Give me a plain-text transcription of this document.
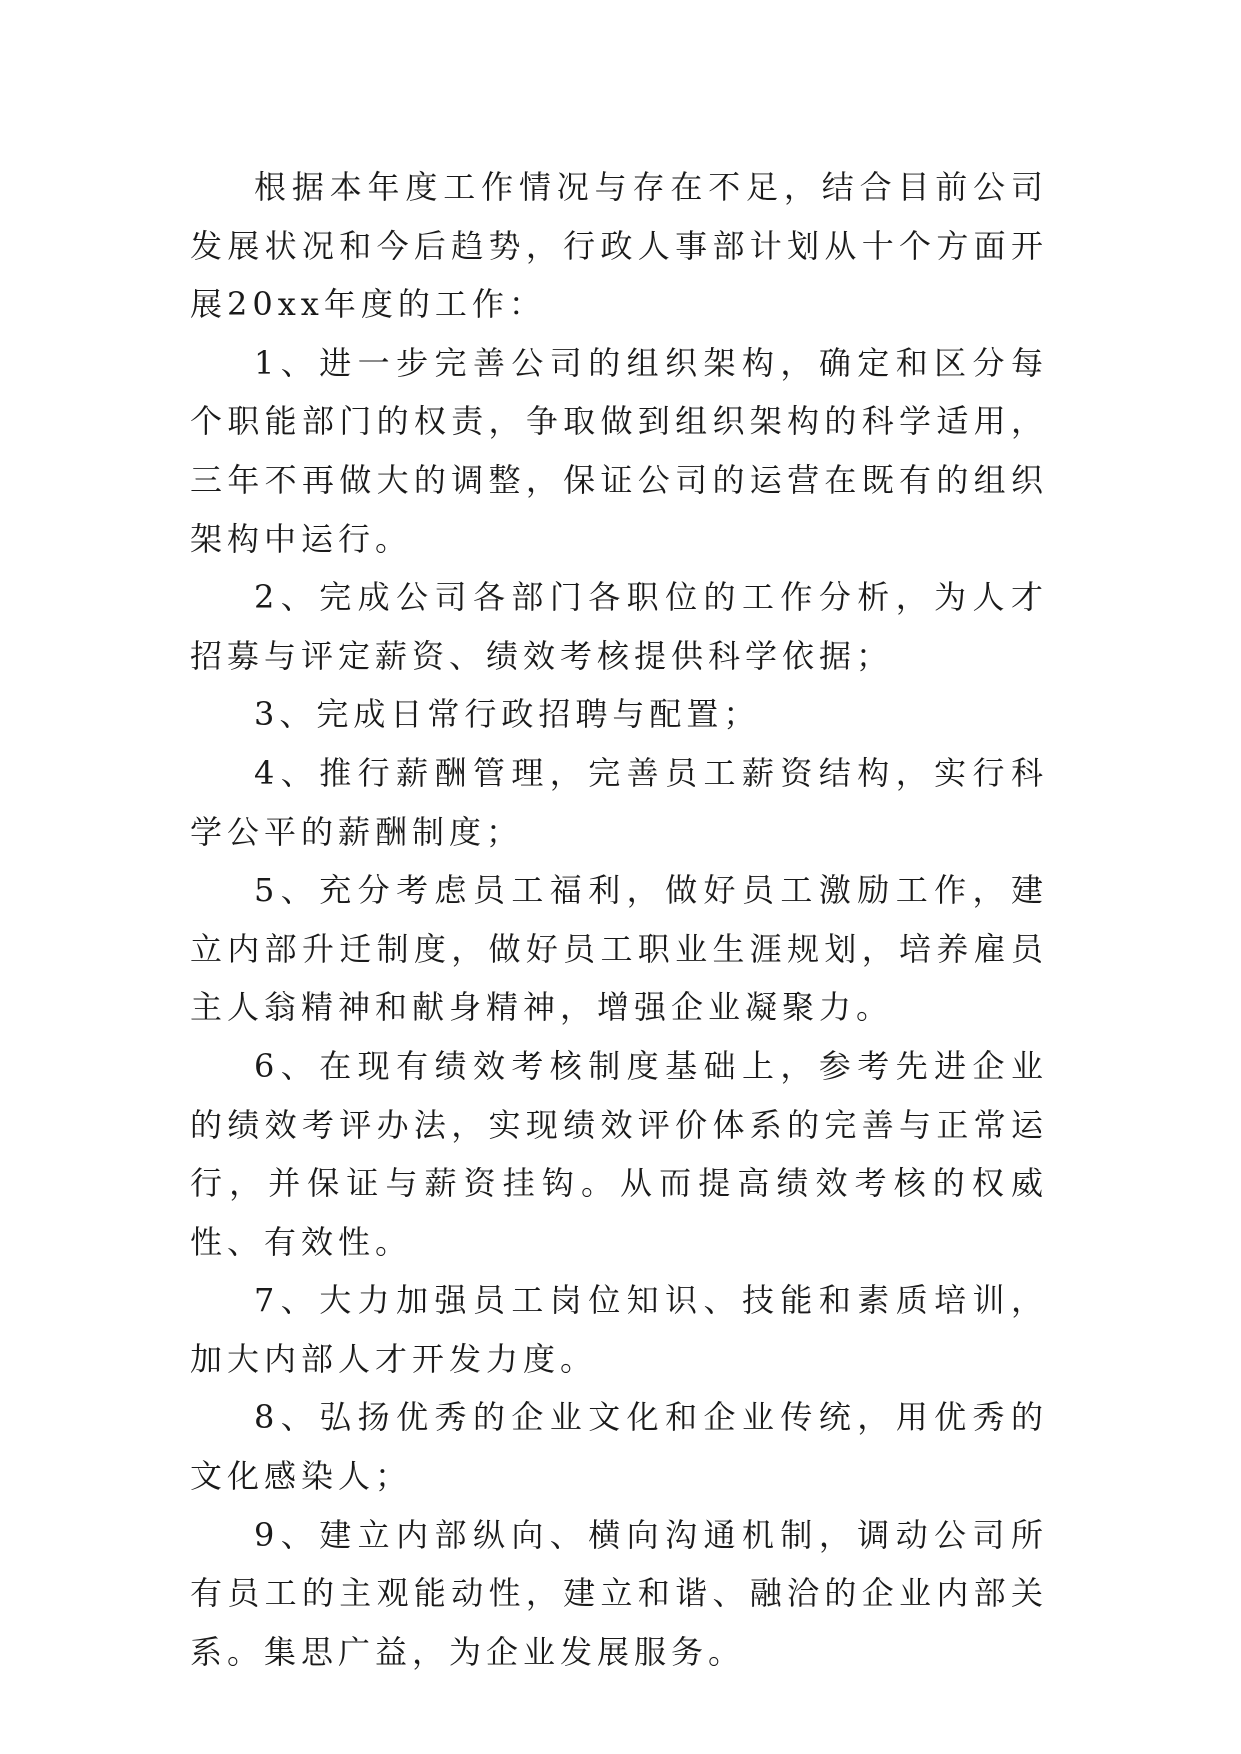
根据本年度工作情况与存在不足，结合目前公司发展状况和今后趋势，行政人事部计划从十个方面开展20xx年度的工作：

1、进一步完善公司的组织架构，确定和区分每个职能部门的权责，争取做到组织架构的科学适用，三年不再做大的调整，保证公司的运营在既有的组织架构中运行。

2、完成公司各部门各职位的工作分析，为人才招募与评定薪资、绩效考核提供科学依据；

3、完成日常行政招聘与配置；

4、推行薪酬管理，完善员工薪资结构，实行科学公平的薪酬制度；

5、充分考虑员工福利，做好员工激励工作，建立内部升迁制度，做好员工职业生涯规划，培养雇员主人翁精神和献身精神，增强企业凝聚力。

6、在现有绩效考核制度基础上，参考先进企业的绩效考评办法，实现绩效评价体系的完善与正常运行，并保证与薪资挂钩。从而提高绩效考核的权威性、有效性。

7、大力加强员工岗位知识、技能和素质培训，加大内部人才开发力度。

8、弘扬优秀的企业文化和企业传统，用优秀的文化感染人；

9、建立内部纵向、横向沟通机制，调动公司所有员工的主观能动性，建立和谐、融洽的企业内部关系。集思广益，为企业发展服务。
